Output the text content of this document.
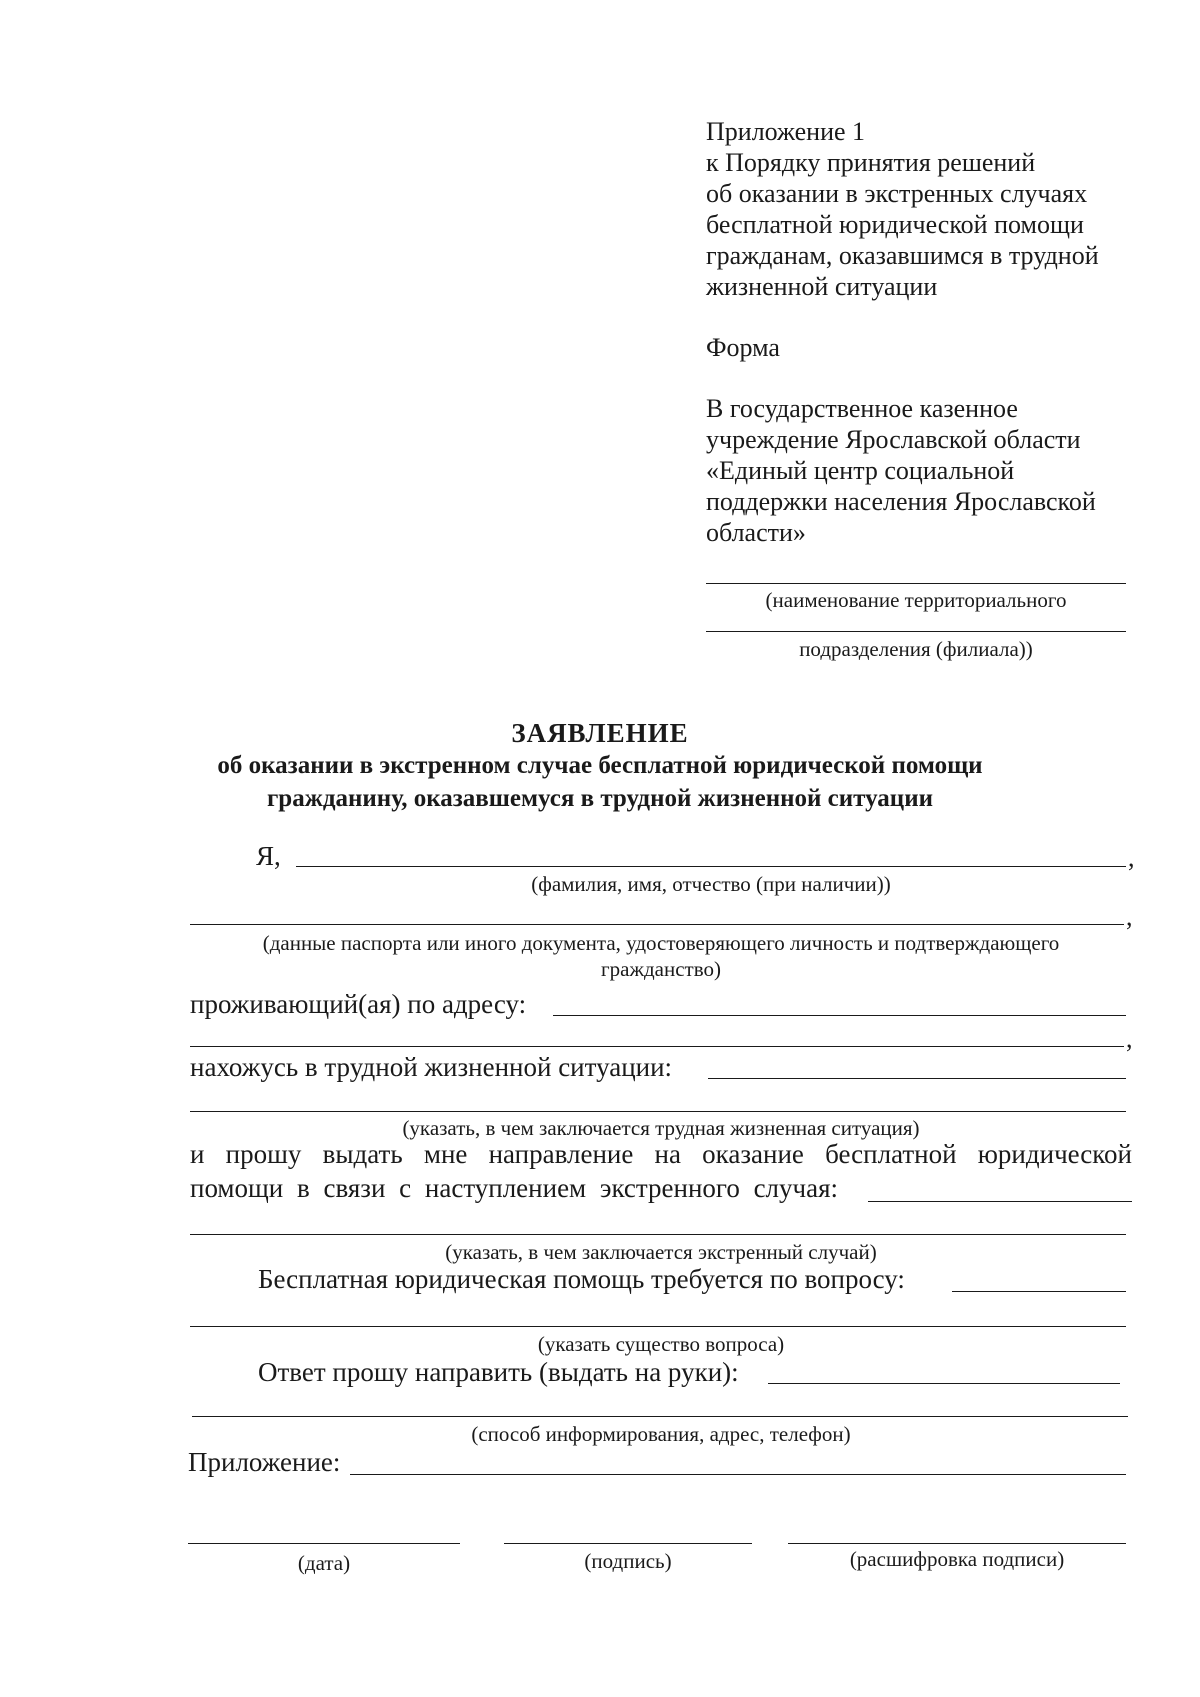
Приложение 1
к Порядку принятия решений
об оказании в экстренных случаях
бесплатной юридической помощи
гражданам, оказавшимся в трудной
жизненной ситуации
Форма
В государственное казенное
учреждение Ярославской области
«Единый центр социальной
поддержки населения Ярославской
области»
(наименование территориального
подразделения (филиала))
ЗАЯВЛЕНИЕ
об оказании в экстренном случае бесплатной юридической помощи
гражданину, оказавшемуся в трудной жизненной ситуации
Я,	,
(фамилия, имя, отчество (при наличии))
,
(данные паспорта или иного документа, удостоверяющего личность и подтверждающего
гражданство)
проживающий(ая) по адресу:
,
нахожусь в трудной жизненной ситуации:
(указать, в чем заключается трудная жизненная ситуация)
и прошу выдать мне направление на оказание бесплатной юридической
помощи в связи с наступлением экстренного случая:
(указать, в чем заключается экстренный случай)
Бесплатная юридическая помощь требуется по вопросу:
(указать существо вопроса)
Ответ прошу направить (выдать на руки):
(способ информирования, адрес, телефон)
Приложение:
(дата)	(подпись)	(расшифровка подписи)
